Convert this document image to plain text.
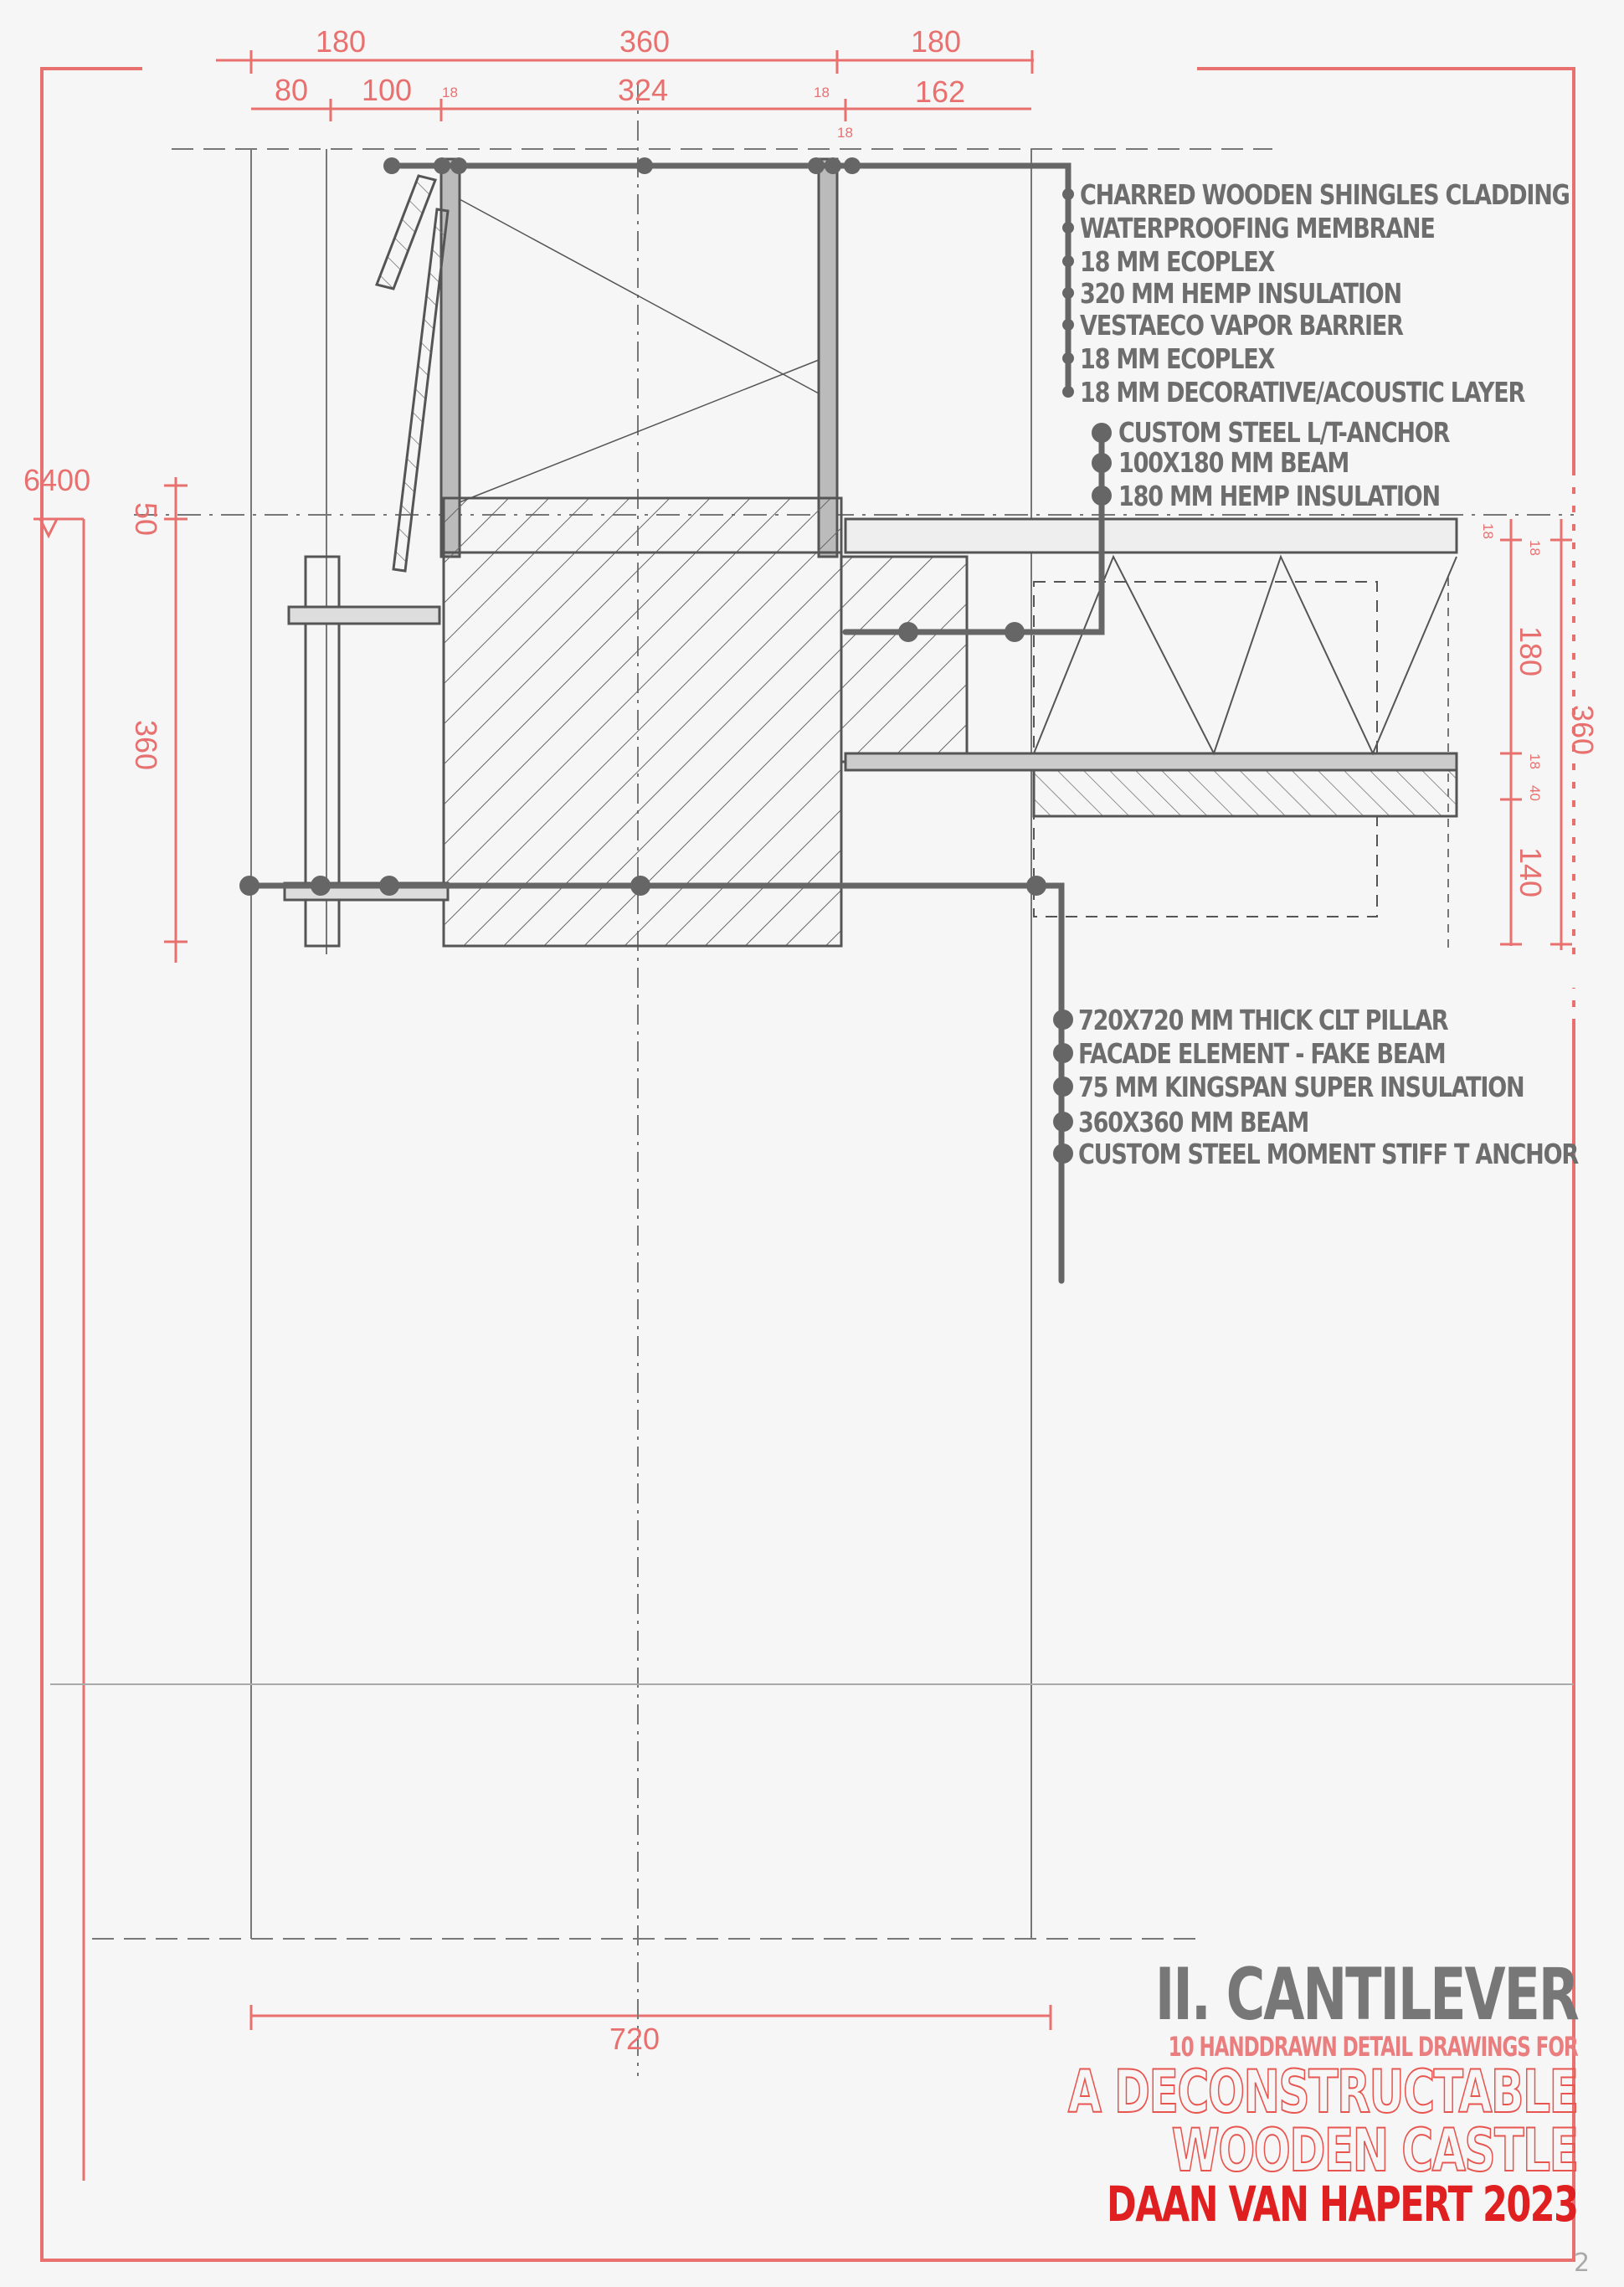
180	360	180
80 100 18	324	18	162
18
6400
50
360
18
18
180
18
40
140
360
720
CHARRED WOODEN SHINGLES CLADDING
WATERPROOFING MEMBRANE
18 MM ECOPLEX
320 MM HEMP INSULATION
VESTAECO VAPOR BARRIER
18 MM ECOPLEX
18 MM DECORATIVE/ACOUSTIC LAYER
CUSTOM STEEL L/T-ANCHOR
100X180 MM BEAM
180 MM HEMP INSULATION
720X720 MM THICK CLT PILLAR
FACADE ELEMENT - FAKE BEAM
75 MM KINGSPAN SUPER INSULATION
360X360 MM BEAM
CUSTOM STEEL MOMENT STIFF T ANCHOR
II. CANTILEVER
10 HANDDRAWN DETAIL DRAWINGS FOR
A DECONSTRUCTABLE
WOODEN CASTLE
DAAN VAN HAPERT 2023
2
